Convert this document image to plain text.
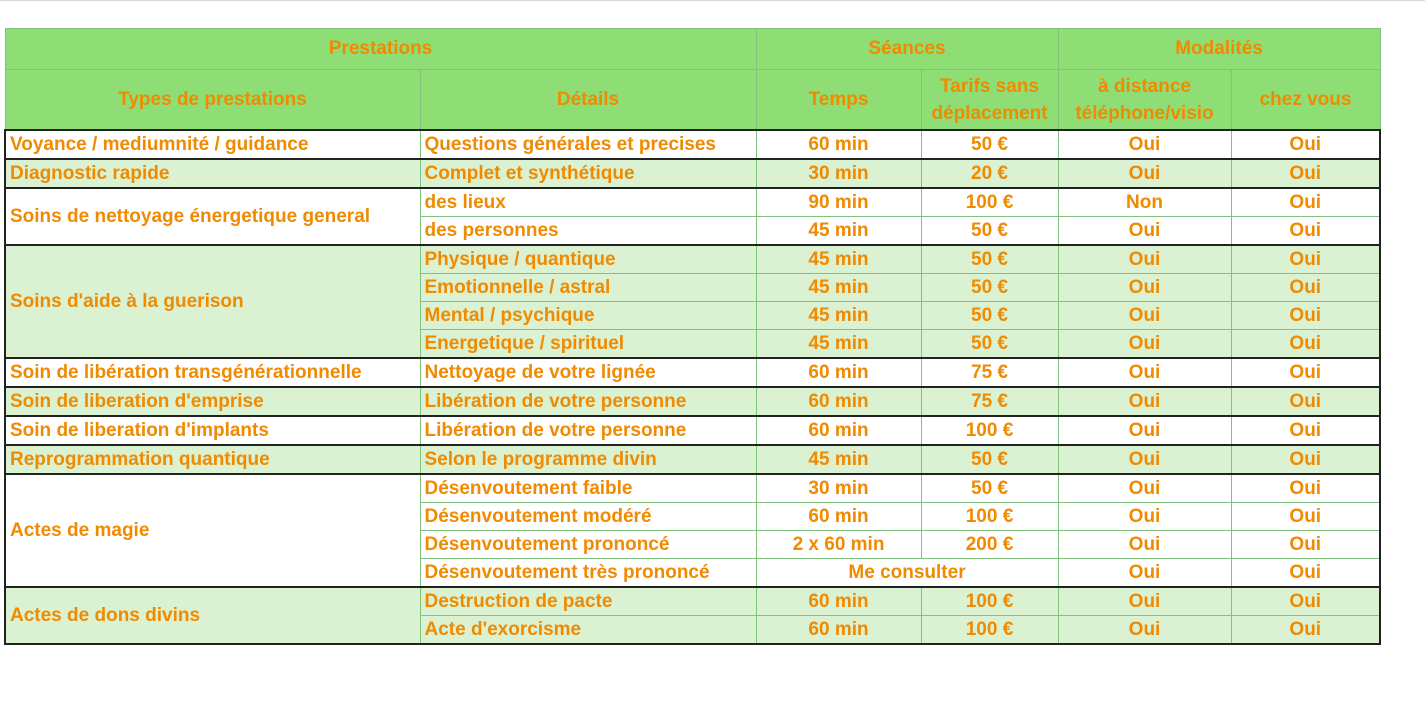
Prestations		Séances		Modalités	
Types de prestations	Détails	Temps	Tarifs sans déplacement	à distance téléphone/visio	chez vous
Voyance / mediumnité / guidance	Questions générales et precises	60 min	50 €	Oui	Oui
Diagnostic rapide	Complet et synthétique	30 min	20 €	Oui	Oui
Soins de nettoyage énergetique general	des lieux	90 min	100 €	Non	Oui
	des personnes	45 min	50 €	Oui	Oui
Soins d'aide à la guerison	Physique / quantique	45 min	50 €	Oui	Oui
	Emotionnelle / astral	45 min	50 €	Oui	Oui
	Mental / psychique	45 min	50 €	Oui	Oui
	Energetique / spirituel	45 min	50 €	Oui	Oui
Soin de libération transgénérationnelle	Nettoyage de votre lignée	60 min	75 €	Oui	Oui
Soin de liberation d'emprise	Libération de votre personne	60 min	75 €	Oui	Oui
Soin de liberation d'implants	Libération de votre personne	60 min	100 €	Oui	Oui
Reprogrammation quantique	Selon le programme divin	45 min	50 €	Oui	Oui
Actes de magie	Désenvoutement faible	30 min	50 €	Oui	Oui
	Désenvoutement modéré	60 min	100 €	Oui	Oui
	Désenvoutement prononcé	2 x 60 min	200 €	Oui	Oui
	Désenvoutement très prononcé	Me consulter		Oui	Oui
Actes de dons divins	Destruction de pacte	60 min	100 €	Oui	Oui
	Acte d'exorcisme	60 min	100 €	Oui	Oui
